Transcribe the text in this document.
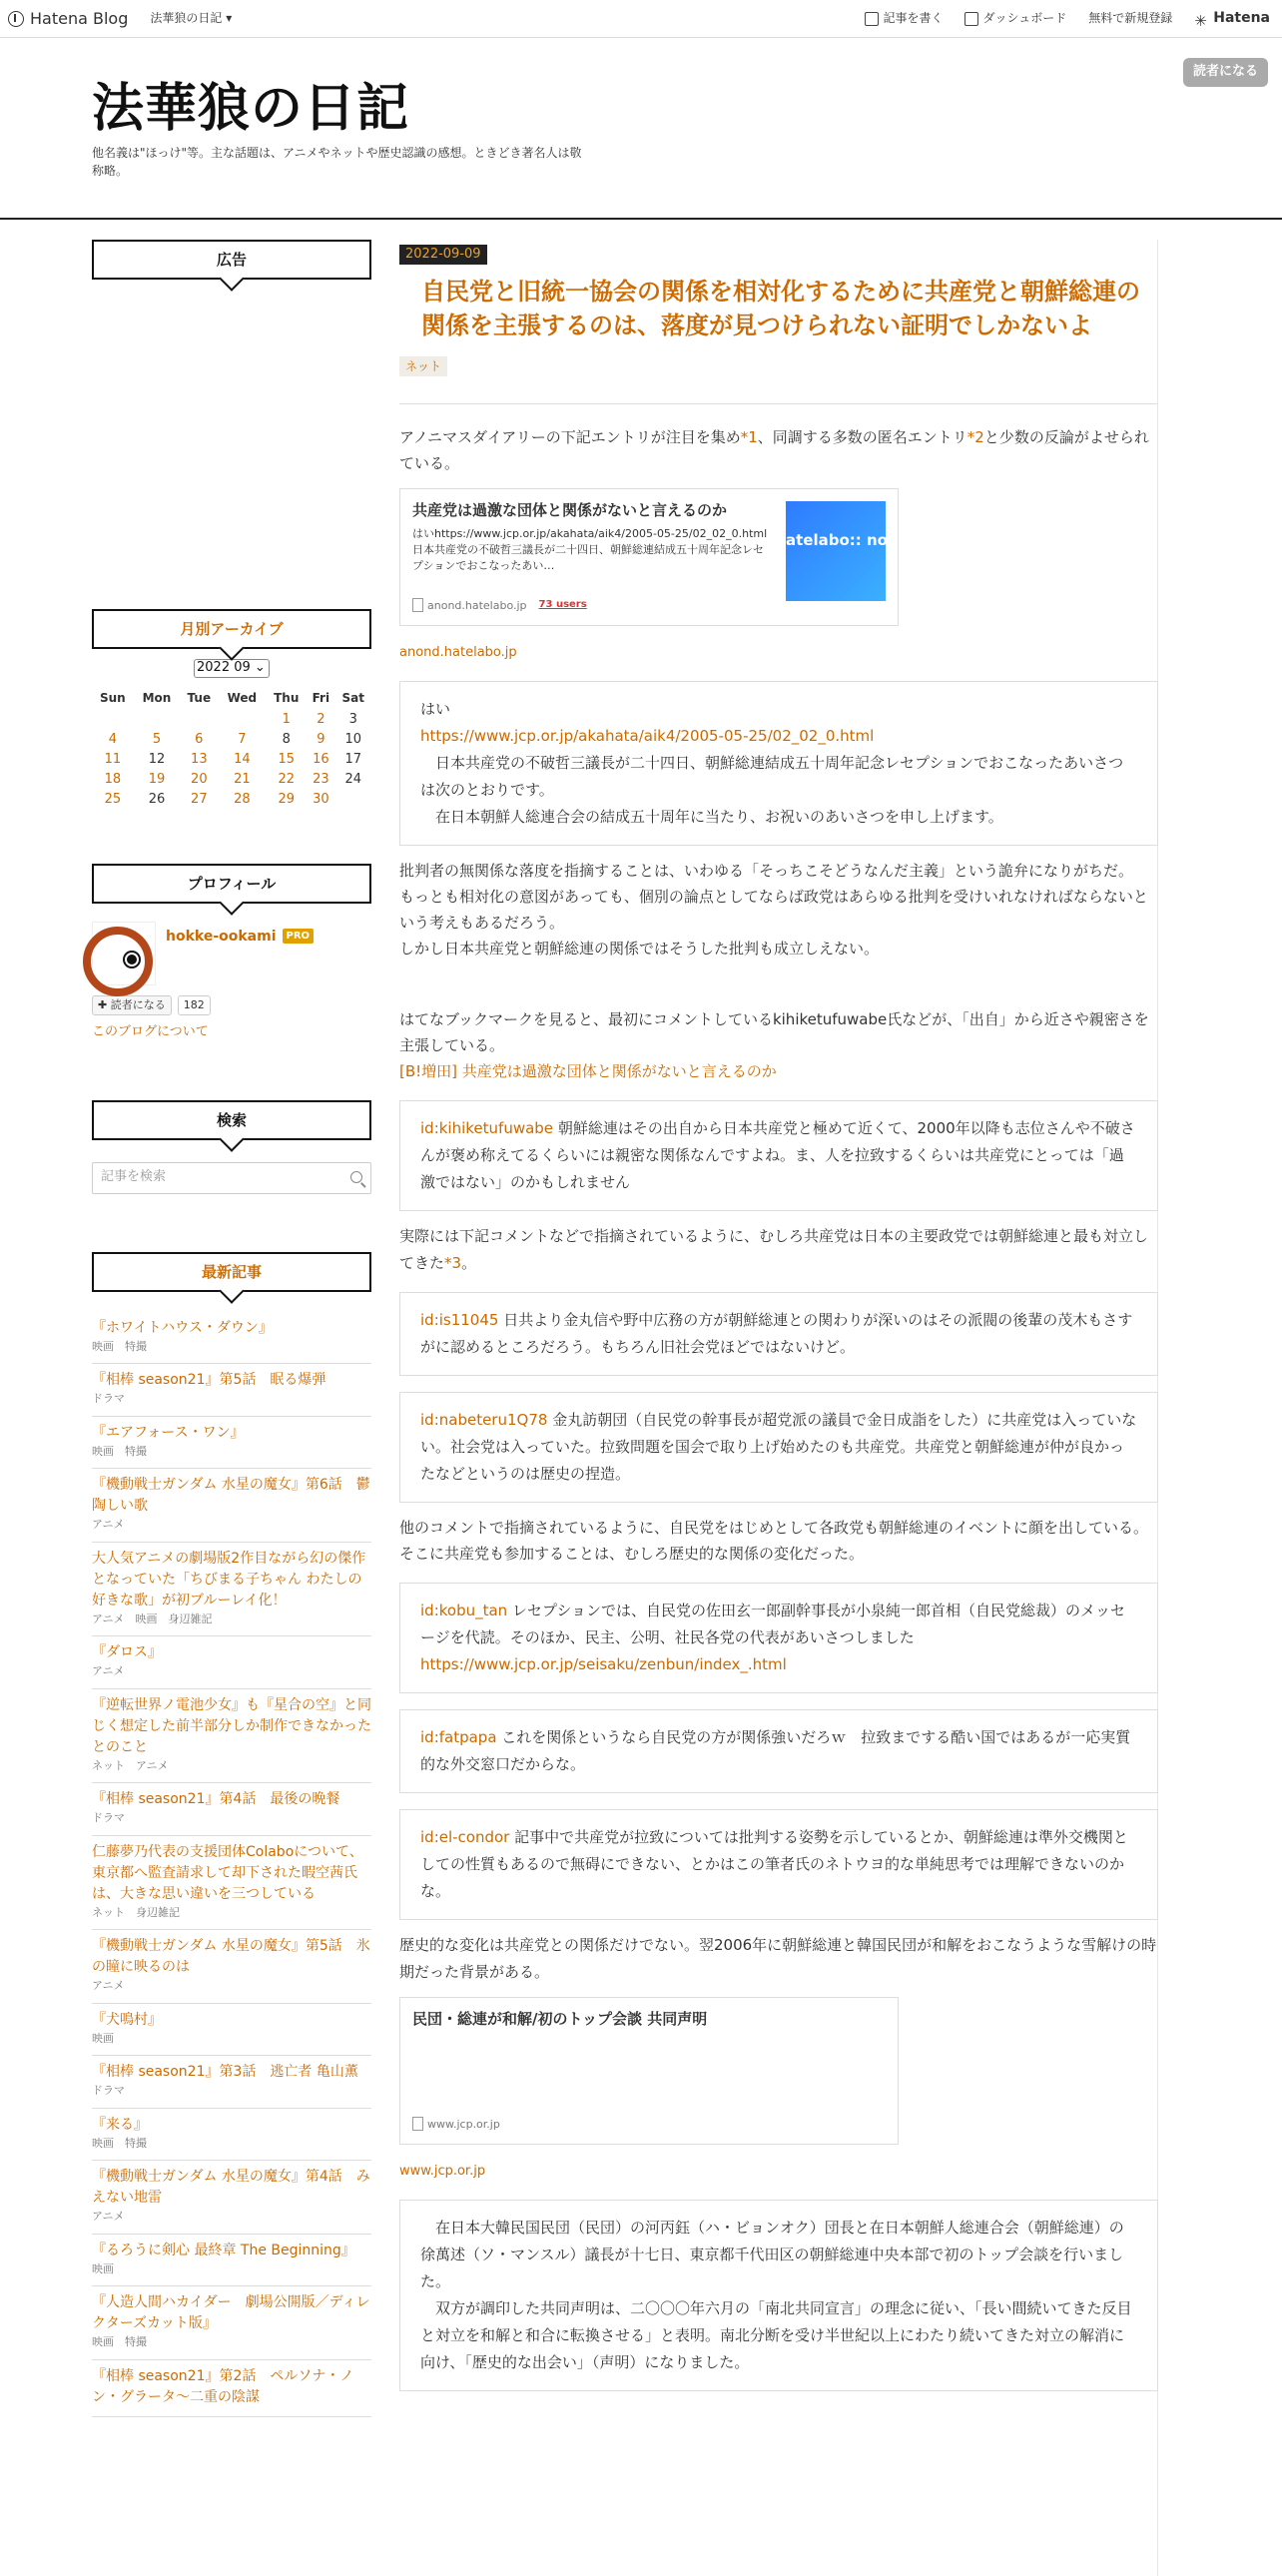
Hatena Blog 法華狼の日記 ▾	記事を書く	ダッシュボード 無料で新規登録 ✳	Hatena
法華狼の日記
他名義は"ほっけ"等。主な話題は、アニメやネットや歴史認識の感想。ときどき著名人は敬称略。
読者になる
広告
月別アーカイブ
2022 09 ⌄
Sun	Mon	Tue	Wed	Thu	Fri	Sat
				1	2	3
4	5	6	7	8	9	10
11	12	13	14	15	16	17
18	19	20	21	22	23	24
25	26	27	28	29	30	
プロフィール
hokke-ookami PRO
✚ 読者になる	182
このブログについて
検索
記事を検索
最新記事
『ホワイトハウス・ダウン』
映画　特撮
『相棒 season21』第5話　眠る爆弾
ドラマ
『エアフォース・ワン』
映画　特撮
『機動戦士ガンダム 水星の魔女』第6話　鬱陶しい歌
アニメ
大人気アニメの劇場版2作目ながら幻の傑作となっていた「ちびまる子ちゃん わたしの好きな歌」が初ブルーレイ化！
アニメ　映画　身辺雑記
『ダロス』
アニメ
『逆転世界ノ電池少女』も『星合の空』と同じく想定した前半部分しか制作できなかったとのこと
ネット　アニメ
『相棒 season21』第4話　最後の晩餐
ドラマ
仁藤夢乃代表の支援団体Colaboについて、東京都へ監査請求して却下された暇空茜氏は、大きな思い違いを三つしている
ネット　身辺雑記
『機動戦士ガンダム 水星の魔女』第5話　氷の瞳に映るのは
アニメ
『犬鳴村』
映画
『相棒 season21』第3話　逃亡者 亀山薫
ドラマ
『来る』
映画　特撮
『機動戦士ガンダム 水星の魔女』第4話　みえない地雷
アニメ
『るろうに剣心 最終章 The Beginning』
映画
『人造人間ハカイダー　劇場公開版／ディレクターズカット版』
映画　特撮
『相棒 season21』第2話　ペルソナ・ノン・グラータ〜二重の陰謀
2022-09-09
自民党と旧統一協会の関係を相対化するために共産党と朝鮮総連の関係を主張するのは、落度が見つけられない証明でしかないよ
ネット

アノニマスダイアリーの下記エントリが注目を集め*1、同調する多数の匿名エントリ*2と少数の反論がよせられている。

共産党は過激な団体と関係がないと言えるのか
はいhttps://www.jcp.or.jp/akahata/aik4/2005-05-25/02_02_0.html 日本共産党の不破哲三議長が二十四日、朝鮮総連結成五十周年記念レセプションでおこなったあい…
atelabo:: nonymousDiar
anond.hatelabo.jp 73 users
anond.hatelabo.jp
はい
https://www.jcp.or.jp/akahata/aik4/2005-05-25/02_02_0.html
　日本共産党の不破哲三議長が二十四日、朝鮮総連結成五十周年記念レセプションでおこなったあいさつは次のとおりです。
　在日本朝鮮人総連合会の結成五十周年に当たり、お祝いのあいさつを申し上げます。

批判者の無関係な落度を指摘することは、いわゆる「そっちこそどうなんだ主義」という詭弁になりがちだ。
もっとも相対化の意図があっても、個別の論点としてならば政党はあらゆる批判を受けいれなければならないという考えもあるだろう。
しかし日本共産党と朝鮮総連の関係ではそうした批判も成立しえない。

はてなブックマークを見ると、最初にコメントしているkihiketufuwabe氏などが、「出自」から近さや親密さを主張している。
[B!増田] 共産党は過激な団体と関係がないと言えるのか

id:kihiketufuwabe 朝鮮総連はその出自から日本共産党と極めて近くて、2000年以降も志位さんや不破さんが褒め称えてるくらいには親密な関係なんですよね。ま、人を拉致するくらいは共産党にとっては「過激ではない」のかもしれません

実際には下記コメントなどで指摘されているように、むしろ共産党は日本の主要政党では朝鮮総連と最も対立してきた*3。

id:is11045 日共より金丸信や野中広務の方が朝鮮総連との関わりが深いのはその派閥の後輩の茂木もさすがに認めるところだろう。もちろん旧社会党ほどではないけど。
id:nabeteru1Q78 金丸訪朝団（自民党の幹事長が超党派の議員で金日成詣をした）に共産党は入っていない。社会党は入っていた。拉致問題を国会で取り上げ始めたのも共産党。共産党と朝鮮総連が仲が良かったなどというのは歴史の捏造。

他のコメントで指摘されているように、自民党をはじめとして各政党も朝鮮総連のイベントに顔を出している。そこに共産党も参加することは、むしろ歴史的な関係の変化だった。

id:kobu_tan レセプションでは、自民党の佐田玄一郎副幹事長が小泉純一郎首相（自民党総裁）のメッセージを代読。そのほか、民主、公明、社民各党の代表があいさつしました
https://www.jcp.or.jp/seisaku/zenbun/index_.html
id:fatpapa これを関係というなら自民党の方が関係強いだろｗ　拉致までする酷い国ではあるが一応実質的な外交窓口だからな。
id:el-condor 記事中で共産党が拉致については批判する姿勢を示しているとか、朝鮮総連は準外交機関としての性質もあるので無碍にできない、とかはこの筆者氏のネトウヨ的な単純思考では理解できないのかな。

歴史的な変化は共産党との関係だけでない。翌2006年に朝鮮総連と韓国民団が和解をおこなうような雪解けの時期だった背景がある。

民団・総連が和解/初のトップ会談 共同声明
www.jcp.or.jp
www.jcp.or.jp
　在日本大韓民国民団（民団）の河丙鈺（ハ・ビョンオク）団長と在日本朝鮮人総連合会（朝鮮総連）の徐萬述（ソ・マンスル）議長が十七日、東京都千代田区の朝鮮総連中央本部で初のトップ会談を行いました。
　双方が調印した共同声明は、二〇〇〇年六月の「南北共同宣言」の理念に従い、「長い間続いてきた反目と対立を和解と和合に転換させる」と表明。南北分断を受け半世紀以上にわたり続いてきた対立の解消に向け、「歴史的な出会い」（声明）になりました。
